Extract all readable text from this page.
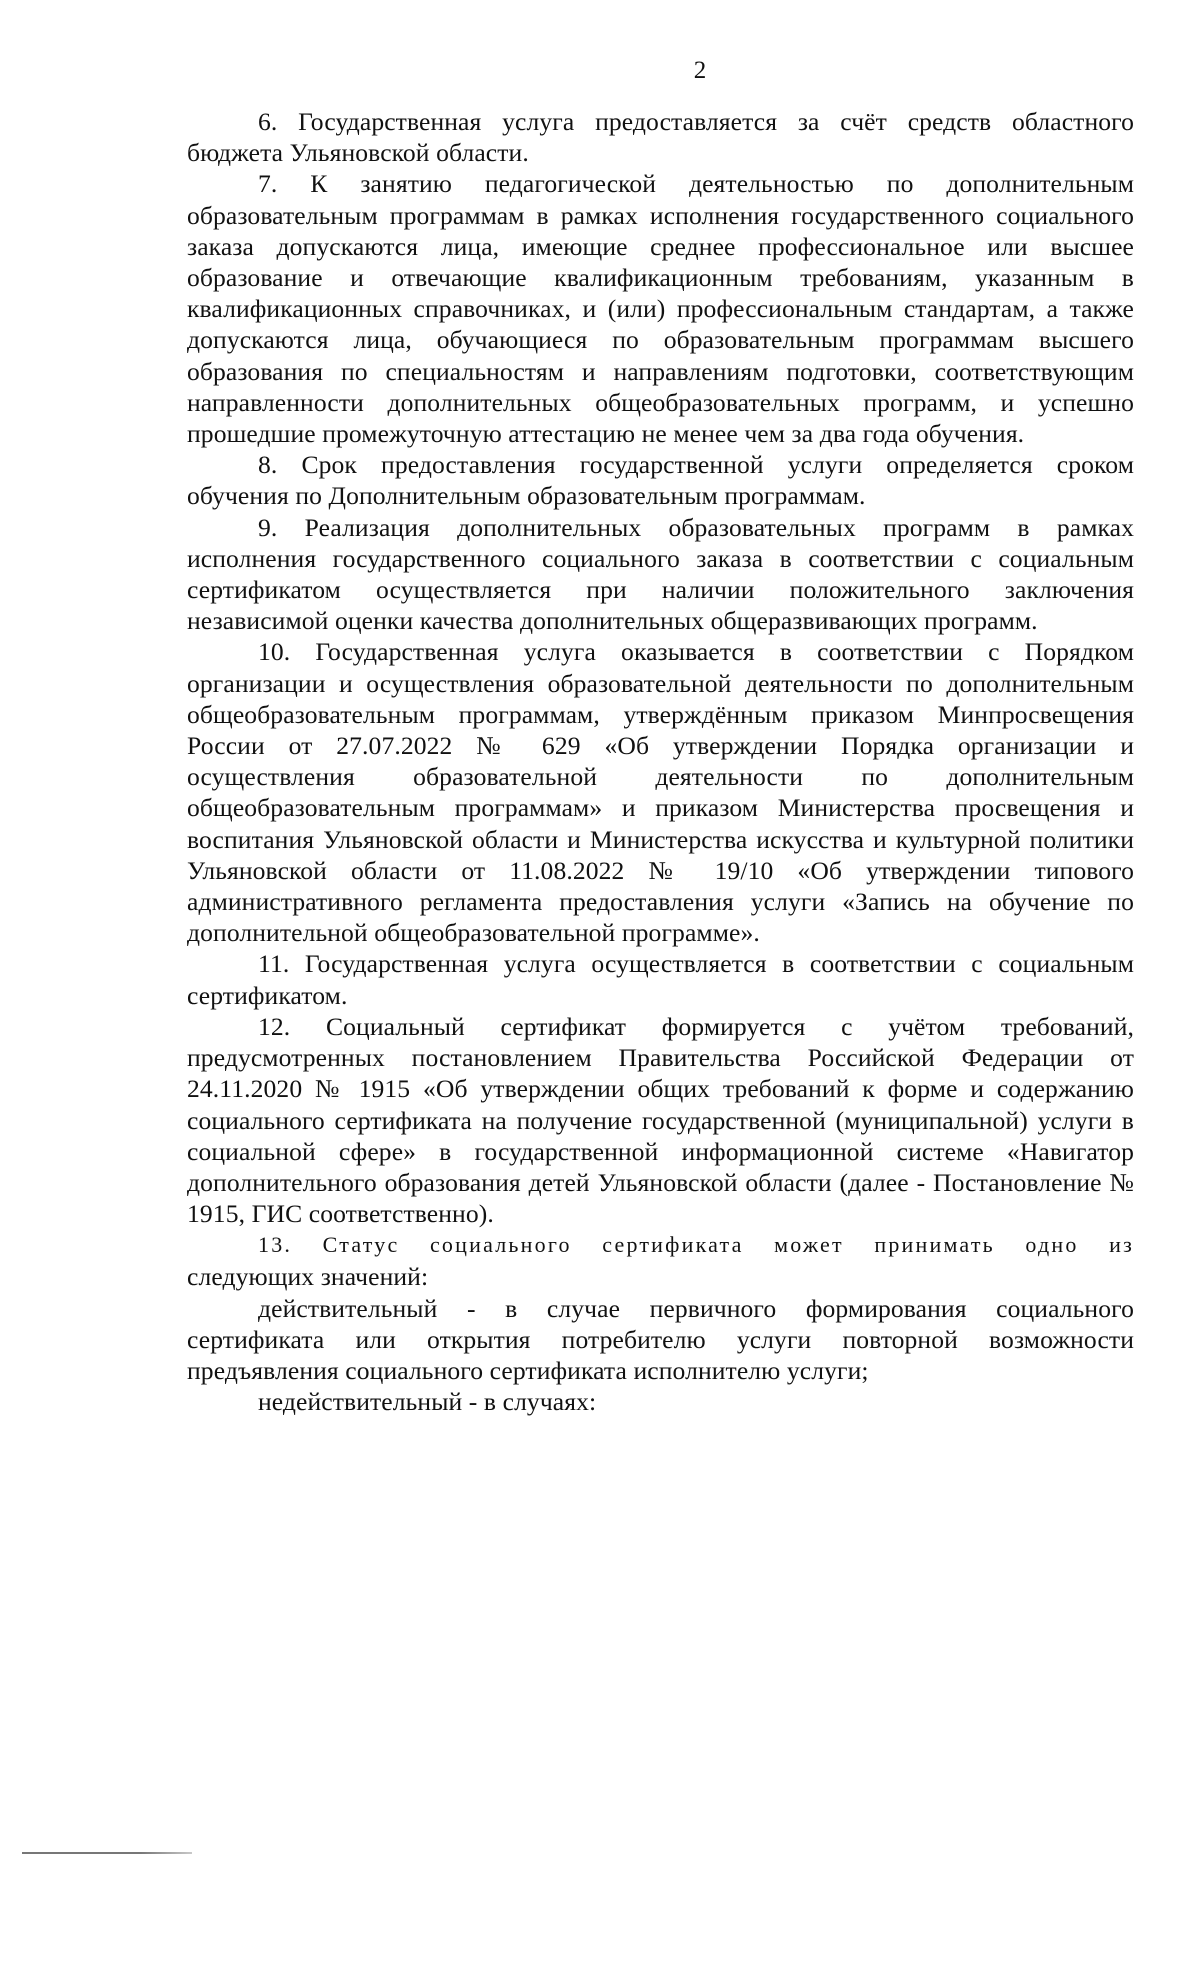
2

6. Государственная услуга предоставляется за счёт средств областного бюджета Ульяновской области.

7. К занятию педагогической деятельностью по дополнительным образовательным программам в рамках исполнения государственного социального заказа допускаются лица, имеющие среднее профессиональное или высшее образование и отвечающие квалификационным требованиям, указанным в квалификационных справочниках, и (или) профессиональным стандартам, а также допускаются лица, обучающиеся по образовательным программам высшего образования по специальностям и направлениям подготовки, соответствующим направленности дополнительных общеобразовательных программ, и успешно прошедшие промежуточную аттестацию не менее чем за два года обучения.

8. Срок предоставления государственной услуги определяется сроком обучения по Дополнительным образовательным программам.

9. Реализация дополнительных образовательных программ в рамках исполнения государственного социального заказа в соответствии с социальным сертификатом осуществляется при наличии положительного заключения независимой оценки качества дополнительных общеразвивающих программ.

10. Государственная услуга оказывается в соответствии с Порядком организации и осуществления образовательной деятельности по дополнительным общеобразовательным программам, утверждённым приказом Минпросвещения России от 27.07.2022 № 629 «Об утверждении Порядка организации и осуществления образовательной деятельности по дополнительным общеобразовательным программам» и приказом Министерства просвещения и воспитания Ульяновской области и Министерства искусства и культурной политики Ульяновской области от 11.08.2022 № 19/10 «Об утверждении типового административного регламента предоставления услуги «Запись на обучение по дополнительной общеобразовательной программе».

11. Государственная услуга осуществляется в соответствии с социальным сертификатом.

12. Социальный сертификат формируется с учётом требований, предусмотренных постановлением Правительства Российской Федерации от 24.11.2020 № 1915 «Об утверждении общих требований к форме и содержанию социального сертификата на получение государственной (муниципальной) услуги в социальной сфере» в государственной информационной системе «Навигатор дополнительного образования детей Ульяновской области (далее - Постановление № 1915, ГИС соответственно).

13. Статус социального сертификата может принимать одно из следующих значений:

действительный - в случае первичного формирования социального сертификата или открытия потребителю услуги повторной возможности предъявления социального сертификата исполнителю услуги;

недействительный - в случаях:
